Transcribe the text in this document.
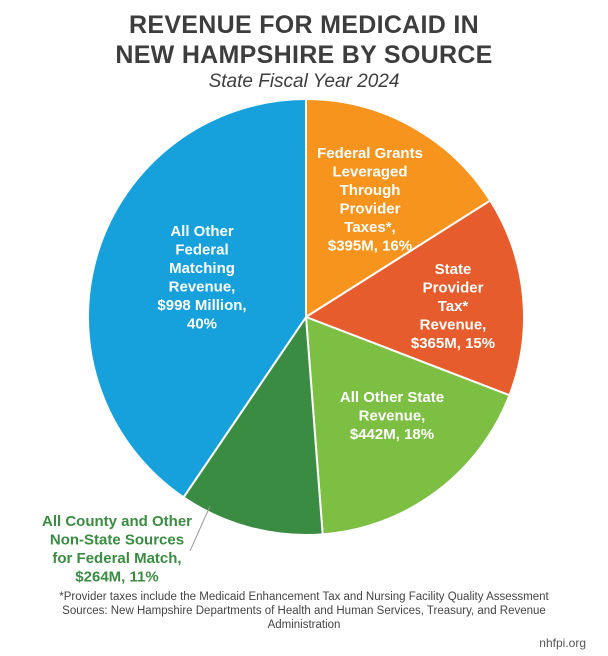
REVENUE FOR MEDICAID IN
NEW HAMPSHIRE BY SOURCE
State Fiscal Year 2024
Federal Grants Leveraged Through Provider Taxes*, $395M, 16%
State Provider Tax* Revenue, $365M, 15%
All Other State Revenue, $442M, 18%
All County and Other Non-State Sources for Federal Match, $264M, 11%
All Other Federal Matching Revenue, $998 Million, 40%
*Provider taxes include the Medicaid Enhancement Tax and Nursing Facility Quality Assessment
Sources: New Hampshire Departments of Health and Human Services, Treasury, and Revenue
Administration
nhfpi.org
